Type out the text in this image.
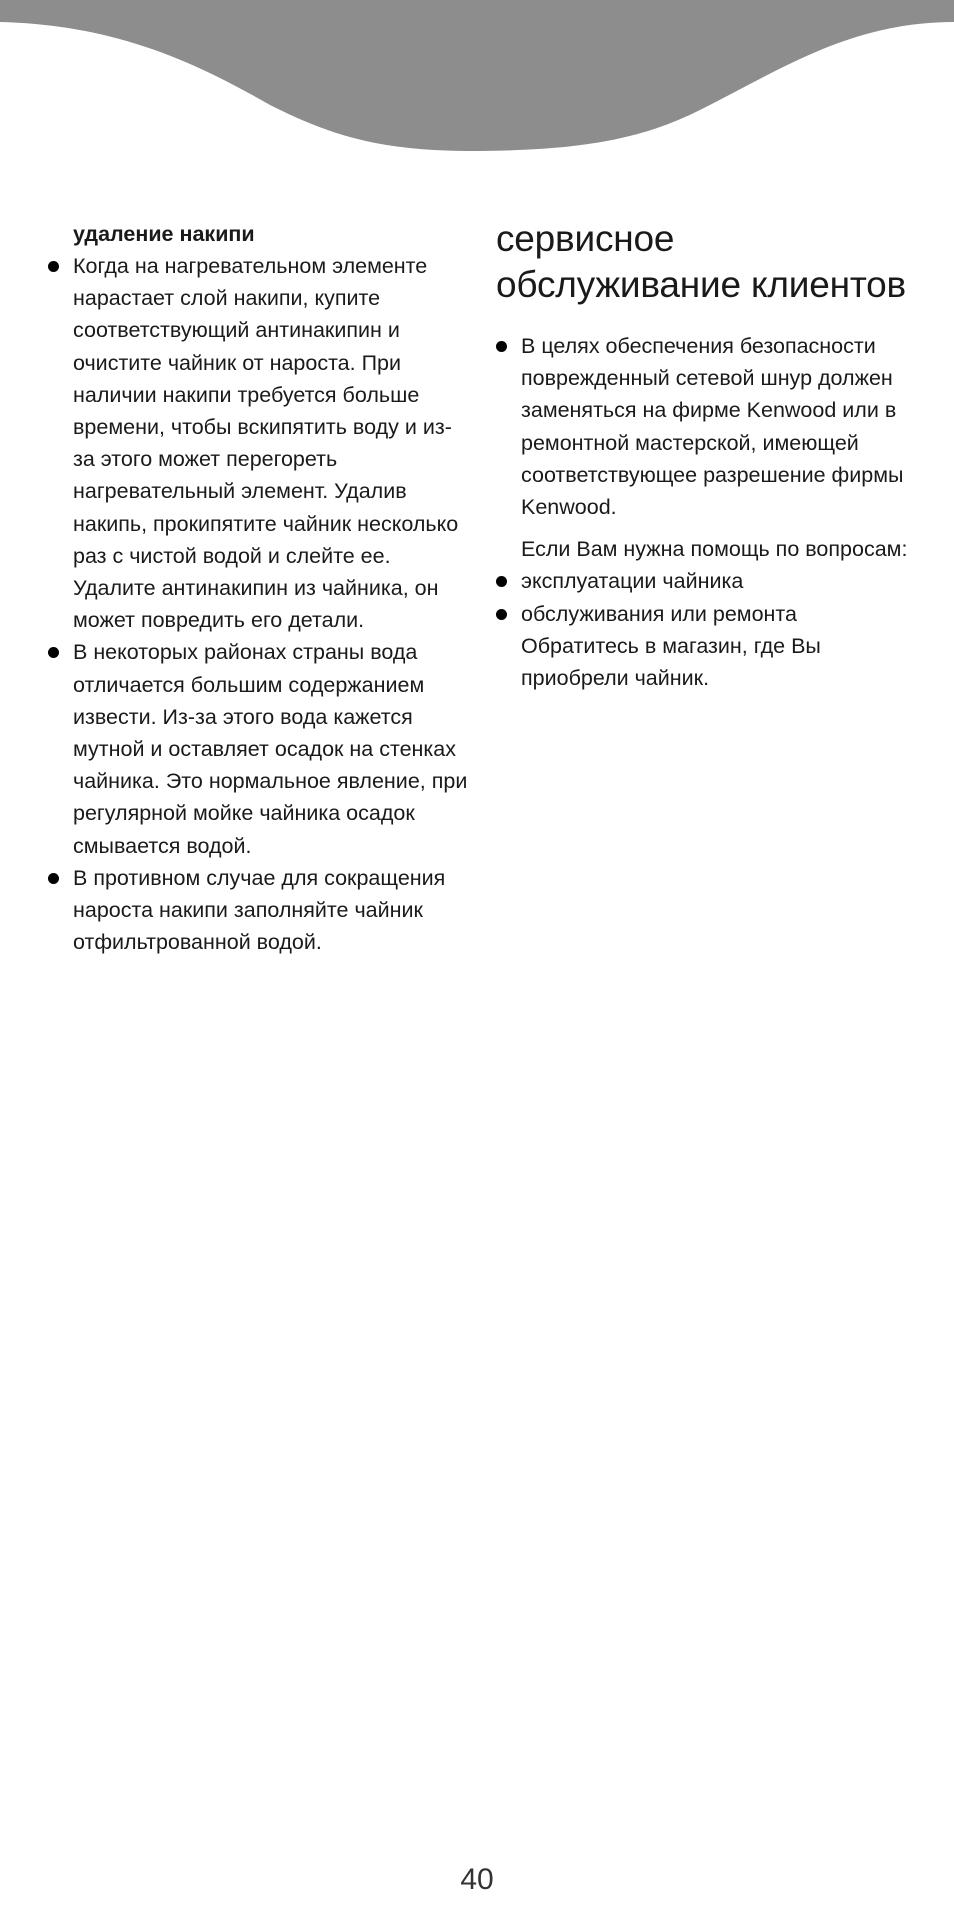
удаление накипи
Когда на нагревательном элементе нарастает слой накипи, купите соответствующий антинакипин и очистите чайник от нароста. При наличии накипи требуется больше времени, чтобы вскипятить воду и из-за этого может перегореть нагревательный элемент. Удалив накипь, прокипятите чайник несколько раз с чистой водой и слейте ее. Удалите антинакипин из чайника, он может повредить его детали.
В некоторых районах страны вода отличается большим содержанием извести. Из-за этого вода кажется мутной и оставляет осадок на стенках чайника. Это нормальное явление, при регулярной мойке чайника осадок смывается водой.
В противном случае для сокращения нароста накипи заполняйте чайник отфильтрованной водой.
сервисное обслуживание клиентов
В целях обеспечения безопасности поврежденный сетевой шнур должен заменяться на фирме Kenwood или в ремонтной мастерской, имеющей соответствующее разрешение фирмы Kenwood.
Если Вам нужна помощь по вопросам:
эксплуатации чайника
обслуживания или ремонта Обратитесь в магазин, где Вы приобрели чайник.
40
